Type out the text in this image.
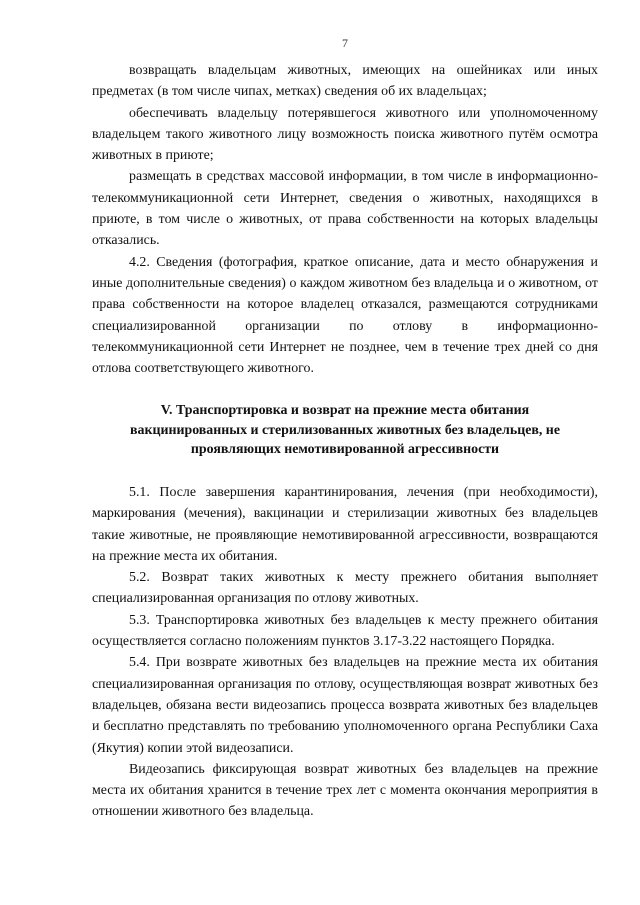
7

возвращать владельцам животных, имеющих на ошейниках или иных предметах (в том числе чипах, метках) сведения об их владельцах;

обеспечивать владельцу потерявшегося животного или уполномоченному владельцем такого животного лицу возможность поиска животного путём осмотра животных в приюте;

размещать в средствах массовой информации, в том числе в информационно-телекоммуникационной сети Интернет, сведения о животных, находящихся в приюте, в том числе о животных, от права собственности на которых владельцы отказались.

4.2. Сведения (фотография, краткое описание, дата и место обнаружения и иные дополнительные сведения) о каждом животном без владельца и о животном, от права собственности на которое владелец отказался, размещаются сотрудниками специализированной организации по отлову в информационно-телекоммуникационной сети Интернет не позднее, чем в течение трех дней со дня отлова соответствующего животного.

V. Транспортировка и возврат на прежние места обитания
вакцинированных и стерилизованных животных без владельцев, не
проявляющих немотивированной агрессивности

5.1. После завершения карантинирования, лечения (при необходимости), маркирования (мечения), вакцинации и стерилизации животных без владельцев такие животные, не проявляющие немотивированной агрессивности, возвращаются на прежние места их обитания.

5.2. Возврат таких животных к месту прежнего обитания выполняет специализированная организация по отлову животных.

5.3. Транспортировка животных без владельцев к месту прежнего обитания осуществляется согласно положениям пунктов 3.17-3.22 настоящего Порядка.

5.4. При возврате животных без владельцев на прежние места их обитания специализированная организация по отлову, осуществляющая возврат животных без владельцев, обязана вести видеозапись процесса возврата животных без владельцев и бесплатно представлять по требованию уполномоченного органа Республики Саха (Якутия) копии этой видеозаписи.

Видеозапись фиксирующая возврат животных без владельцев на прежние места их обитания хранится в течение трех лет с момента окончания мероприятия в отношении животного без владельца.
